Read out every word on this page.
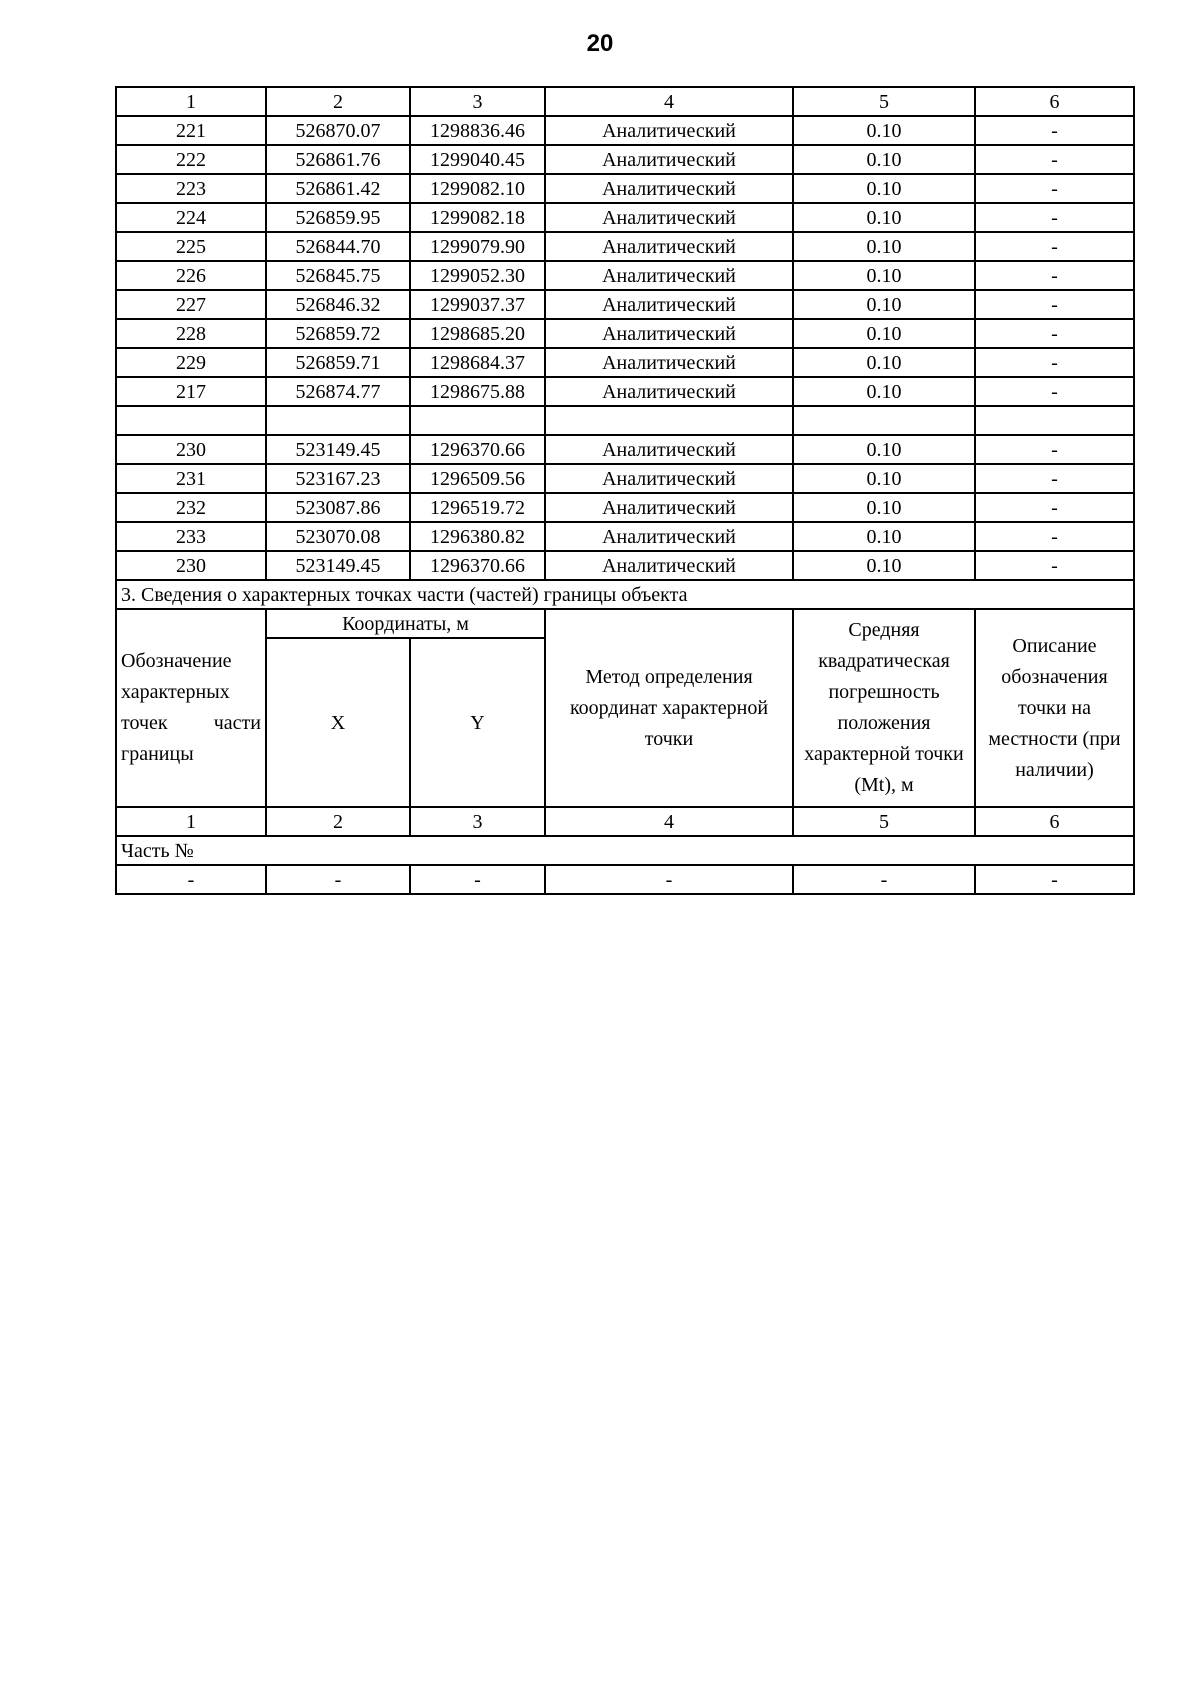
20
1	2	3	4	5	6
221	526870.07	1298836.46	Аналитический	0.10	-
222	526861.76	1299040.45	Аналитический	0.10	-
223	526861.42	1299082.10	Аналитический	0.10	-
224	526859.95	1299082.18	Аналитический	0.10	-
225	526844.70	1299079.90	Аналитический	0.10	-
226	526845.75	1299052.30	Аналитический	0.10	-
227	526846.32	1299037.37	Аналитический	0.10	-
228	526859.72	1298685.20	Аналитический	0.10	-
229	526859.71	1298684.37	Аналитический	0.10	-
217	526874.77	1298675.88	Аналитический	0.10	-

230	523149.45	1296370.66	Аналитический	0.10	-
231	523167.23	1296509.56	Аналитический	0.10	-
232	523087.86	1296519.72	Аналитический	0.10	-
233	523070.08	1296380.82	Аналитический	0.10	-
230	523149.45	1296370.66	Аналитический	0.10	-
3. Сведения о характерных точках части (частей) границы объекта					
Обозначение характерных точек части границы	Координаты, м		Метод определения координат характерной точки	Средняя квадратическая погрешность положения характерной точки (Mt), м	Описание обозначения точки на местности (при наличии)
	X	Y			
1	2	3	4	5	6
Часть №					
-	-	-	-	-	-
